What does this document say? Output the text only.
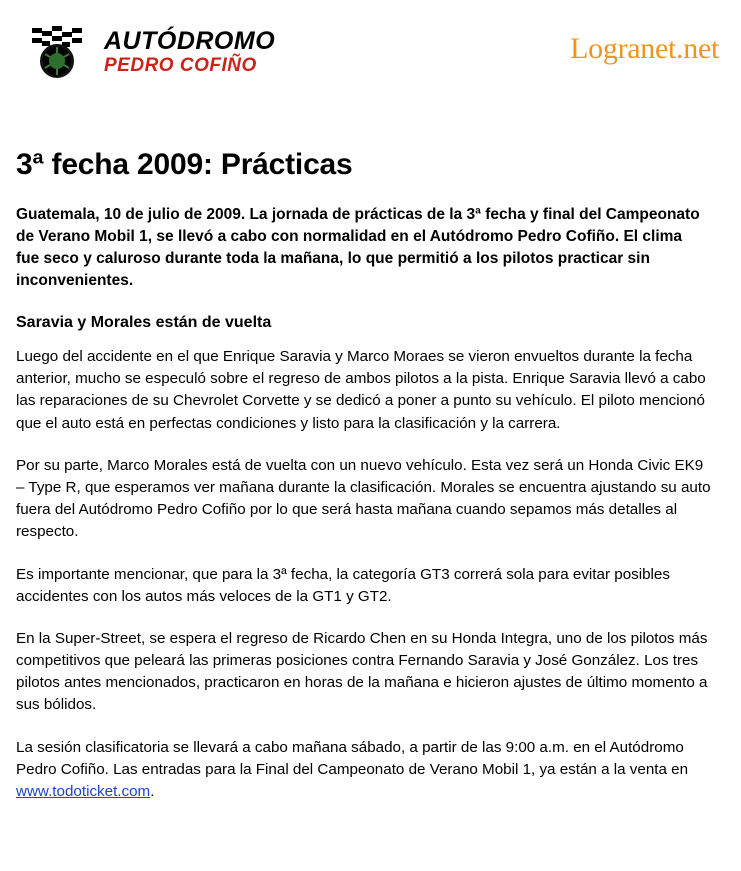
AUTÓDROMO
PEDRO COFIÑO
Logranet.net
3ª fecha 2009: Prácticas

Guatemala, 10 de julio de 2009. La jornada de prácticas de la 3ª fecha y final del Campeonato de Verano Mobil 1, se llevó a cabo con normalidad en el Autódromo Pedro Cofiño. El clima fue seco y caluroso durante toda la mañana, lo que permitió a los pilotos practicar sin inconvenientes.

Saravia y Morales están de vuelta

Luego del accidente en el que Enrique Saravia y Marco Moraes se vieron envueltos durante la fecha anterior, mucho se especuló sobre el regreso de ambos pilotos a la pista. Enrique Saravia llevó a cabo las reparaciones de su Chevrolet Corvette y se dedicó a poner a punto su vehículo. El piloto mencionó que el auto está en perfectas condiciones y listo para la clasificación y la carrera.

Por su parte, Marco Morales está de vuelta con un nuevo vehículo. Esta vez será un Honda Civic EK9 – Type R, que esperamos ver mañana durante la clasificación. Morales se encuentra ajustando su auto fuera del Autódromo Pedro Cofiño por lo que será hasta mañana cuando sepamos más detalles al respecto.

Es importante mencionar, que para la 3ª fecha, la categoría GT3 correrá sola para evitar posibles accidentes con los autos más veloces de la GT1 y GT2.

En la Super-Street, se espera el regreso de Ricardo Chen en su Honda Integra, uno de los pilotos más competitivos que peleará las primeras posiciones contra Fernando Saravia y José González. Los tres pilotos antes mencionados, practicaron en horas de la mañana e hicieron ajustes de último momento a sus bólidos.

La sesión clasificatoria se llevará a cabo mañana sábado, a partir de las 9:00 a.m. en el Autódromo Pedro Cofiño. Las entradas para la Final del Campeonato de Verano Mobil 1, ya están a la venta en www.todoticket.com.
